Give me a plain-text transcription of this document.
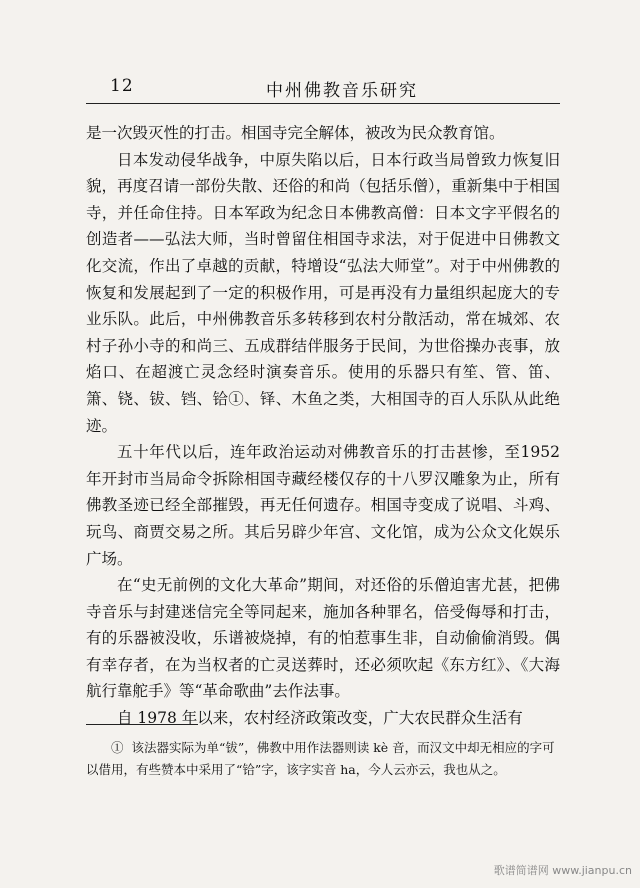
12	中州佛教音乐研究

是一次毁灭性的打击。相国寺完全解体，被改为民众教育馆。

日本发动侵华战争，中原失陷以后，日本行政当局曾致力恢复旧貌，再度召请一部份失散、还俗的和尚（包括乐僧），重新集中于相国寺，并任命住持。日本军政为纪念日本佛教高僧：日本文字平假名的创造者——弘法大师，当时曾留住相国寺求法，对于促进中日佛教文化交流，作出了卓越的贡献，特增设“弘法大师堂”。对于中州佛教的恢复和发展起到了一定的积极作用，可是再没有力量组织起庞大的专业乐队。此后，中州佛教音乐多转移到农村分散活动，常在城郊、农村子孙小寺的和尚三、五成群结伴服务于民间，为世俗操办丧事，放焰口、在超渡亡灵念经时演奏音乐。使用的乐器只有笙、管、笛、箫、铙、钹、铛、铪①、铎、木鱼之类，大相国寺的百人乐队从此绝迹。

五十年代以后，连年政治运动对佛教音乐的打击甚惨，至1952 年开封市当局命令拆除相国寺藏经楼仅存的十八罗汉雕象为止，所有佛教圣迹已经全部摧毁，再无任何遗存。相国寺变成了说唱、斗鸡、玩鸟、商贾交易之所。其后另辟少年宫、文化馆，成为公众文化娱乐广场。

在“史无前例的文化大革命”期间，对还俗的乐僧迫害尤甚，把佛寺音乐与封建迷信完全等同起来，施加各种罪名，倍受侮辱和打击，有的乐器被没收，乐谱被烧掉，有的怕惹事生非，自动偷偷消毁。偶有幸存者，在为当权者的亡灵送葬时，还必须吹起《东方红》、《大海航行靠舵手》等“革命歌曲”去作法事。

自 1978 年以来，农村经济政策改变，广大农民群众生活有

①  该法器实际为单“钹”，佛教中用作法器则读 kè 音，而汉文中却无相应的字可以借用，有些赞本中采用了“铪”字，该字实音 ha，今人云亦云，我也从之。

歌谱简谱网 www.jianpu.cn
